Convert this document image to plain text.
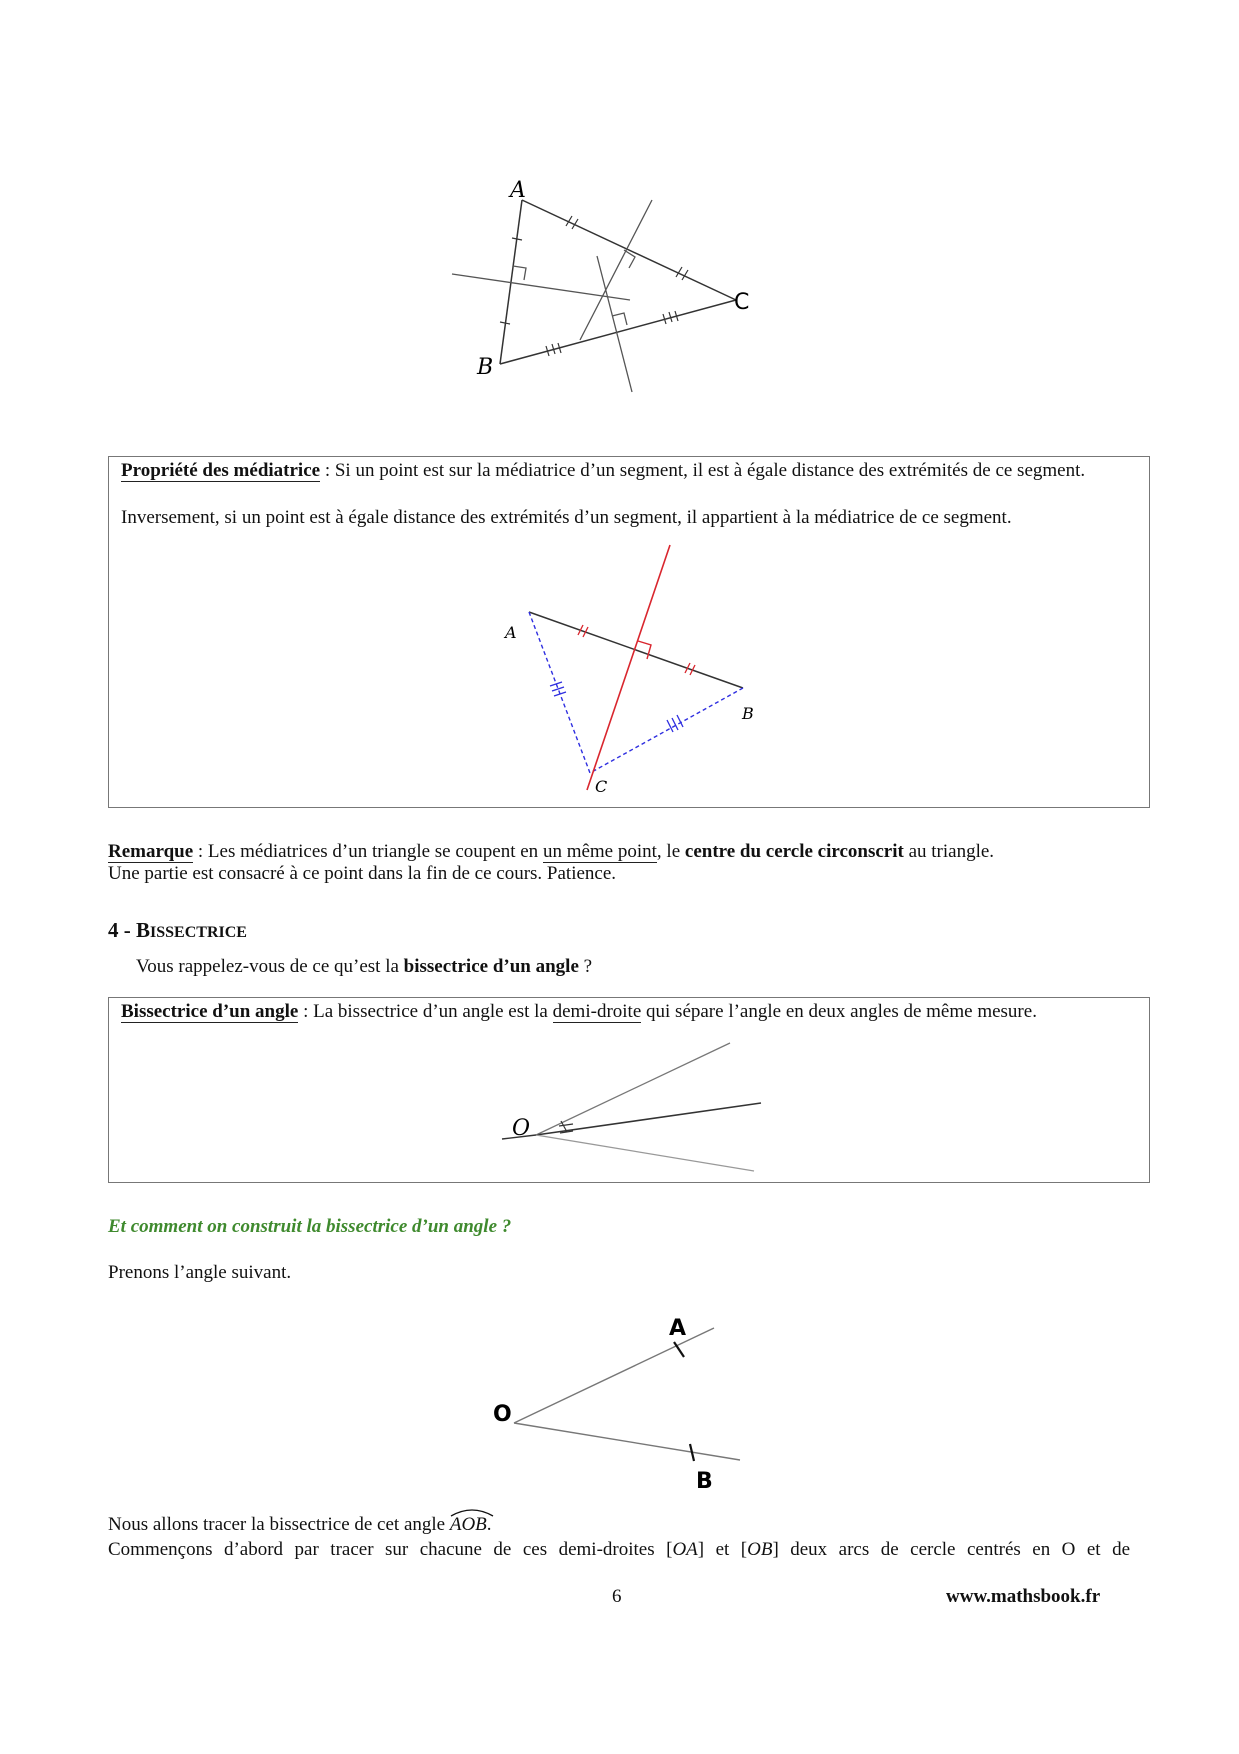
A
B
C
Propriété des médiatrice : Si un point est sur la médiatrice d’un segment, il est à égale distance des extrémités de ce segment.
Inversement, si un point est à égale distance des extrémités d’un segment, il appartient à la médiatrice de ce segment.
A
B
C
Remarque : Les médiatrices d’un triangle se coupent en un même point, le centre du cercle circonscrit au triangle.
Une partie est consacré à ce point dans la fin de ce cours. Patience.
4 - BISSECTRICE
Vous rappelez-vous de ce qu’est la bissectrice d’un angle ?
Bissectrice d’un angle : La bissectrice d’un angle est la demi-droite qui sépare l’angle en deux angles de même mesure.
O
Et comment on construit la bissectrice d’un angle ?
Prenons l’angle suivant.
A
O
B
Nous allons tracer la bissectrice de cet angle
AOB.
Commençons d’abord par tracer sur chacune de ces demi-droites [OA] et [OB] deux arcs de cercle centrés en O et de
6	www.mathsbook.fr
